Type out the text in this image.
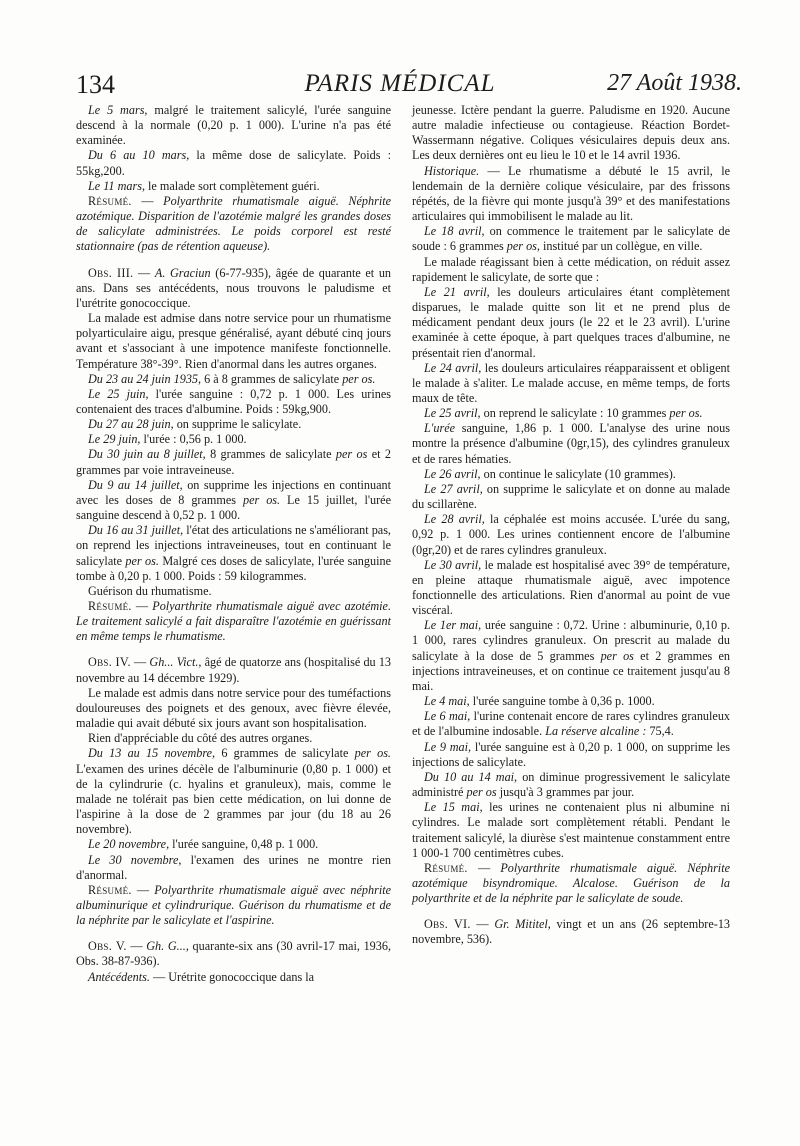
134	PARIS MÉDICAL	27 Août 1938.

Le 5 mars, malgré le traitement salicylé, l'urée sanguine descend à la normale (0,20 p. 1 000). L'urine n'a pas été examinée.

Du 6 au 10 mars, la même dose de salicylate. Poids : 55kg,200.

Le 11 mars, le malade sort complètement guéri.

Résumé. — Polyarthrite rhumatismale aiguë. Néphrite azotémique. Disparition de l'azotémie malgré les grandes doses de salicylate administrées. Le poids corporel est resté stationnaire (pas de rétention aqueuse).

Obs. III. — A. Graciun (6-77-935), âgée de quarante et un ans. Dans ses antécédents, nous trouvons le paludisme et l'urétrite gonococcique.

La malade est admise dans notre service pour un rhumatisme polyarticulaire aigu, presque généralisé, ayant débuté cinq jours avant et s'associant à une impotence manifeste fonctionnelle. Température 38°-39°. Rien d'anormal dans les autres organes.

Du 23 au 24 juin 1935, 6 à 8 grammes de salicylate per os.

Le 25 juin, l'urée sanguine : 0,72 p. 1 000. Les urines contenaient des traces d'albumine. Poids : 59kg,900.

Du 27 au 28 juin, on supprime le salicylate.

Le 29 juin, l'urée : 0,56 p. 1 000.

Du 30 juin au 8 juillet, 8 grammes de salicylate per os et 2 grammes par voie intraveineuse.

Du 9 au 14 juillet, on supprime les injections en continuant avec les doses de 8 grammes per os. Le 15 juillet, l'urée sanguine descend à 0,52 p. 1 000.

Du 16 au 31 juillet, l'état des articulations ne s'améliorant pas, on reprend les injections intraveineuses, tout en continuant le salicylate per os. Malgré ces doses de salicylate, l'urée sanguine tombe à 0,20 p. 1 000. Poids : 59 kilogrammes.

Guérison du rhumatisme.

Résumé. — Polyarthrite rhumatismale aiguë avec azotémie. Le traitement salicylé a fait disparaître l'azotémie en guérissant en même temps le rhumatisme.

Obs. IV. — Gh... Vict., âgé de quatorze ans (hospitalisé du 13 novembre au 14 décembre 1929).

Le malade est admis dans notre service pour des tuméfactions douloureuses des poignets et des genoux, avec fièvre élevée, maladie qui avait débuté six jours avant son hospitalisation.

Rien d'appréciable du côté des autres organes.

Du 13 au 15 novembre, 6 grammes de salicylate per os. L'examen des urines décèle de l'albuminurie (0,80 p. 1 000) et de la cylindrurie (c. hyalins et granuleux), mais, comme le malade ne tolérait pas bien cette médication, on lui donne de l'aspirine à la dose de 2 grammes par jour (du 18 au 26 novembre).

Le 20 novembre, l'urée sanguine, 0,48 p. 1 000.

Le 30 novembre, l'examen des urines ne montre rien d'anormal.

Résumé. — Polyarthrite rhumatismale aiguë avec néphrite albuminurique et cylindrurique. Guérison du rhumatisme et de la néphrite par le salicylate et l'aspirine.

Obs. V. — Gh. G..., quarante-six ans (30 avril-17 mai, 1936, Obs. 38-87-936).

Antécédents. — Urétrite gonococcique dans la

jeunesse. Ictère pendant la guerre. Paludisme en 1920. Aucune autre maladie infectieuse ou contagieuse. Réaction Bordet-Wassermann négative. Coliques vésiculaires depuis deux ans. Les deux dernières ont eu lieu le 10 et le 14 avril 1936.

Historique. — Le rhumatisme a débuté le 15 avril, le lendemain de la dernière colique vésiculaire, par des frissons répétés, de la fièvre qui monte jusqu'à 39° et des manifestations articulaires qui immobilisent le malade au lit.

Le 18 avril, on commence le traitement par le salicylate de soude : 6 grammes per os, institué par un collègue, en ville.

Le malade réagissant bien à cette médication, on réduit assez rapidement le salicylate, de sorte que :

Le 21 avril, les douleurs articulaires étant complètement disparues, le malade quitte son lit et ne prend plus de médicament pendant deux jours (le 22 et le 23 avril). L'urine examinée à cette époque, à part quelques traces d'albumine, ne présentait rien d'anormal.

Le 24 avril, les douleurs articulaires réapparaissent et obligent le malade à s'aliter. Le malade accuse, en même temps, de forts maux de tête.

Le 25 avril, on reprend le salicylate : 10 grammes per os.

L'urée sanguine, 1,86 p. 1 000. L'analyse des urine nous montre la présence d'albumine (0gr,15), des cylindres granuleux et de rares hématies.

Le 26 avril, on continue le salicylate (10 grammes).

Le 27 avril, on supprime le salicylate et on donne au malade du scillarène.

Le 28 avril, la céphalée est moins accusée. L'urée du sang, 0,92 p. 1 000. Les urines contiennent encore de l'albumine (0gr,20) et de rares cylindres granuleux.

Le 30 avril, le malade est hospitalisé avec 39° de température, en pleine attaque rhumatismale aiguë, avec impotence fonctionnelle des articulations. Rien d'anormal au point de vue viscéral.

Le 1er mai, urée sanguine : 0,72. Urine : albuminurie, 0,10 p. 1 000, rares cylindres granuleux. On prescrit au malade du salicylate à la dose de 5 grammes per os et 2 grammes en injections intraveineuses, et on continue ce traitement jusqu'au 8 mai.

Le 4 mai, l'urée sanguine tombe à 0,36 p. 1000.

Le 6 mai, l'urine contenait encore de rares cylindres granuleux et de l'albumine indosable. La réserve alcaline : 75,4.

Le 9 mai, l'urée sanguine est à 0,20 p. 1 000, on supprime les injections de salicylate.

Du 10 au 14 mai, on diminue progressivement le salicylate administré per os jusqu'à 3 grammes par jour.

Le 15 mai, les urines ne contenaient plus ni albumine ni cylindres. Le malade sort complètement rétabli. Pendant le traitement salicylé, la diurèse s'est maintenue constamment entre 1 000-1 700 centimètres cubes.

Résumé. — Polyarthrite rhumatismale aiguë. Néphrite azotémique bisyndromique. Alcalose. Guérison de la polyarthrite et de la néphrite par le salicylate de soude.

Obs. VI. — Gr. Mititel, vingt et un ans (26 septembre-13 novembre, 536).
